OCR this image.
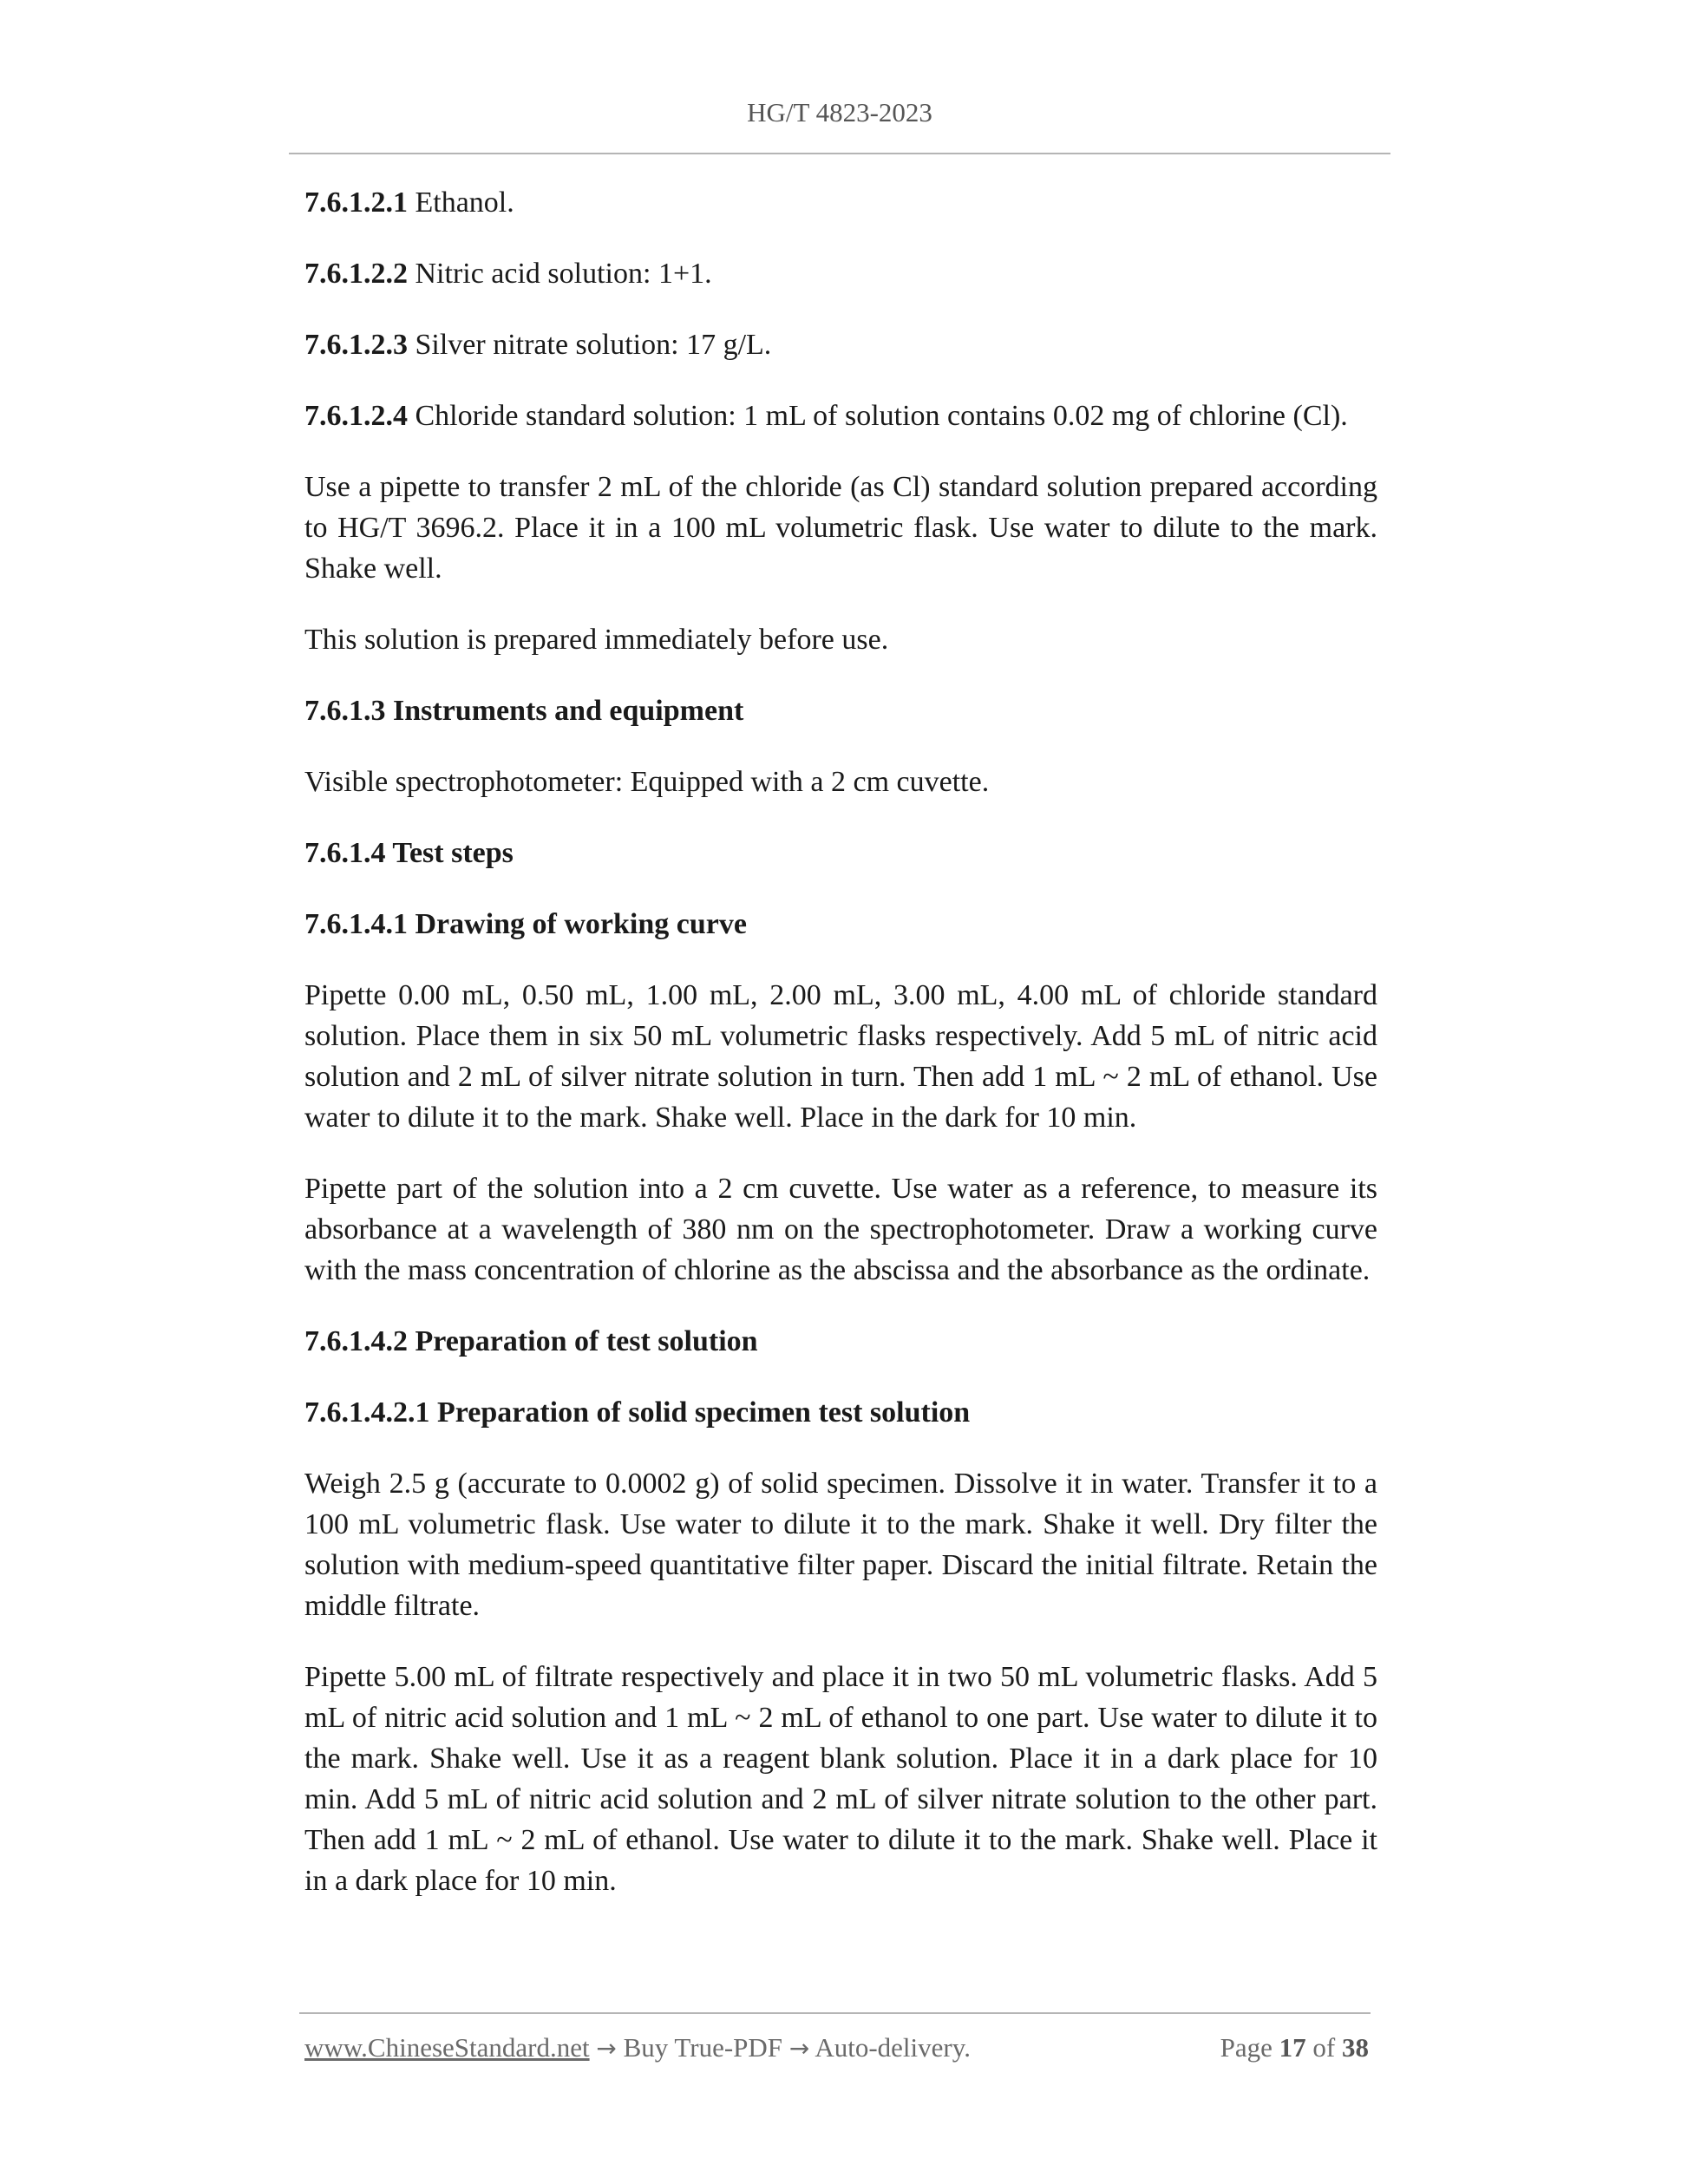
HG/T 4823-2023

7.6.1.2.1 Ethanol.

7.6.1.2.2 Nitric acid solution: 1+1.

7.6.1.2.3 Silver nitrate solution: 17 g/L.

7.6.1.2.4 Chloride standard solution: 1 mL of solution contains 0.02 mg of chlorine (Cl).

Use a pipette to transfer 2 mL of the chloride (as Cl) standard solution prepared according to HG/T 3696.2. Place it in a 100 mL volumetric flask. Use water to dilute to the mark. Shake well.

This solution is prepared immediately before use.

7.6.1.3 Instruments and equipment

Visible spectrophotometer: Equipped with a 2 cm cuvette.

7.6.1.4 Test steps

7.6.1.4.1 Drawing of working curve

Pipette 0.00 mL, 0.50 mL, 1.00 mL, 2.00 mL, 3.00 mL, 4.00 mL of chloride standard solution. Place them in six 50 mL volumetric flasks respectively. Add 5 mL of nitric acid solution and 2 mL of silver nitrate solution in turn. Then add 1 mL ~ 2 mL of ethanol. Use water to dilute it to the mark. Shake well. Place in the dark for 10 min.

Pipette part of the solution into a 2 cm cuvette. Use water as a reference, to measure its absorbance at a wavelength of 380 nm on the spectrophotometer. Draw a working curve with the mass concentration of chlorine as the abscissa and the absorbance as the ordinate.

7.6.1.4.2 Preparation of test solution

7.6.1.4.2.1 Preparation of solid specimen test solution

Weigh 2.5 g (accurate to 0.0002 g) of solid specimen. Dissolve it in water. Transfer it to a 100 mL volumetric flask. Use water to dilute it to the mark. Shake it well. Dry filter the solution with medium-speed quantitative filter paper. Discard the initial filtrate. Retain the middle filtrate.

Pipette 5.00 mL of filtrate respectively and place it in two 50 mL volumetric flasks. Add 5 mL of nitric acid solution and 1 mL ~ 2 mL of ethanol to one part. Use water to dilute it to the mark. Shake well. Use it as a reagent blank solution. Place it in a dark place for 10 min. Add 5 mL of nitric acid solution and 2 mL of silver nitrate solution to the other part. Then add 1 mL ~ 2 mL of ethanol. Use water to dilute it to the mark. Shake well. Place it in a dark place for 10 min.

www.ChineseStandard.net → Buy True-PDF → Auto-delivery.	Page 17 of 38
